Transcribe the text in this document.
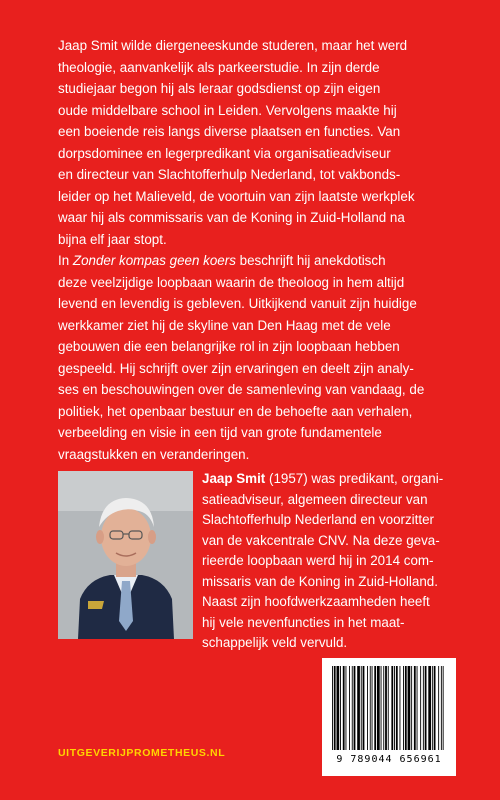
Jaap Smit wilde diergeneeskunde studeren, maar het werd
theologie, aanvankelijk als parkeerstudie. In zijn derde
studiejaar begon hij als leraar godsdienst op zijn eigen
oude middelbare school in Leiden. Vervolgens maakte hij
een boeiende reis langs diverse plaatsen en functies. Van
dorpsdominee en legerpredikant via organisatieadviseur
en directeur van Slachtofferhulp Nederland, tot vakbonds-
leider op het Malieveld, de voortuin van zijn laatste werkplek
waar hij als commissaris van de Koning in Zuid-Holland na
bijna elf jaar stopt.

In Zonder kompas geen koers beschrijft hij anekdotisch
deze veelzijdige loopbaan waarin de theoloog in hem altijd
levend en levendig is gebleven. Uitkijkend vanuit zijn huidige
werkkamer ziet hij de skyline van Den Haag met de vele
gebouwen die een belangrijke rol in zijn loopbaan hebben
gespeeld. Hij schrijft over zijn ervaringen en deelt zijn analy-
ses en beschouwingen over de samenleving van vandaag, de
politiek, het openbaar bestuur en de behoefte aan verhalen,
verbeelding en visie in een tijd van grote fundamentele
vraagstukken en veranderingen.

Jaap Smit (1957) was predikant, organi-
satieadviseur, algemeen directeur van
Slachtofferhulp Nederland en voorzitter
van de vakcentrale CNV. Na deze geva-
rieerde loopbaan werd hij in 2014 com-
missaris van de Koning in Zuid-Holland.
Naast zijn hoofdwerkzaamheden heeft
hij vele nevenfuncties in het maat-
schappelijk veld vervuld.
UITGEVERIJPROMETHEUS.NL
9 789044 656961
